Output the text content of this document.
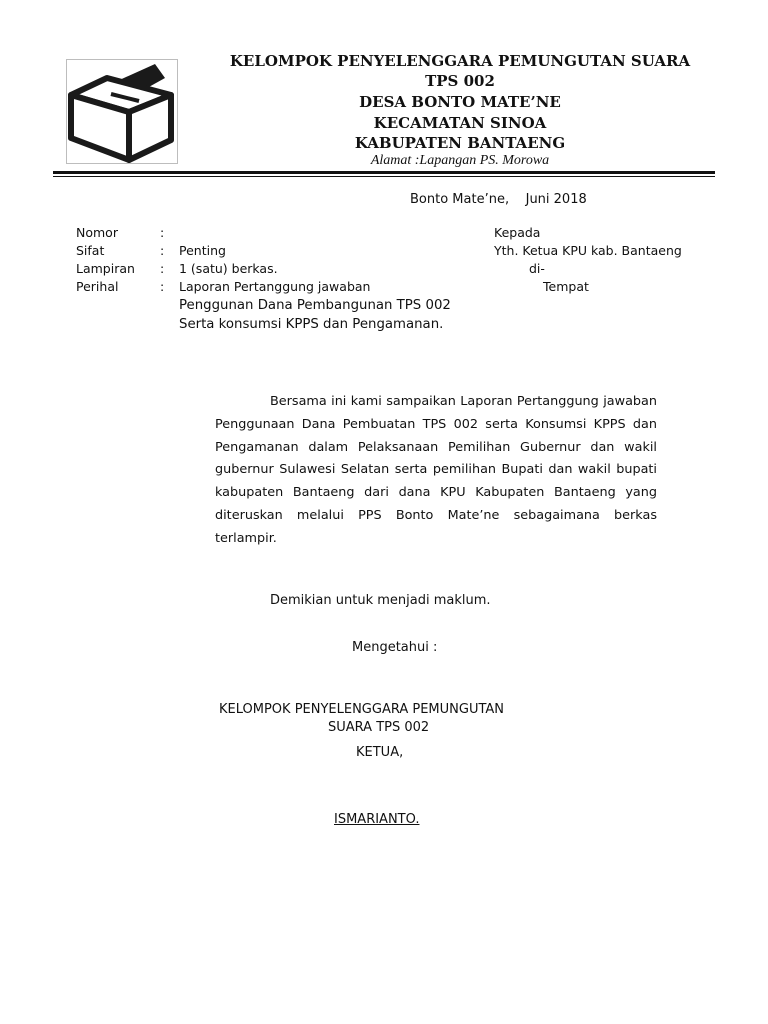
KELOMPOK PENYELENGGARA PEMUNGUTAN SUARA
TPS 002
DESA BONTO MATE’NE
KECAMATAN SINOA
KABUPATEN BANTAENG
Alamat :Lapangan PS. Morowa
Bonto Mate’ne,    Juni 2018
Nomor
Sifat
Lampiran
Perihal
:
:
:
:
Penting
1 (satu) berkas.
Laporan Pertanggung jawaban
Penggunan Dana Pembangunan TPS 002
Serta konsumsi KPPS dan Pengamanan.
Kepada
Yth. Ketua KPU kab. Bantaeng
di-
Tempat
Bersama ini kami sampaikan Laporan Pertanggung jawaban Penggunaan Dana Pembuatan TPS 002 serta Konsumsi KPPS dan Pengamanan dalam Pelaksanaan Pemilihan Gubernur dan wakil gubernur Sulawesi Selatan serta pemilihan Bupati dan wakil bupati kabupaten Bantaeng dari dana KPU Kabupaten Bantaeng yang diteruskan melalui PPS Bonto Mate’ne sebagaimana berkas terlampir.
Demikian untuk menjadi maklum.
Mengetahui :
KELOMPOK PENYELENGGARA PEMUNGUTAN
SUARA TPS 002
KETUA,
ISMARIANTO.
